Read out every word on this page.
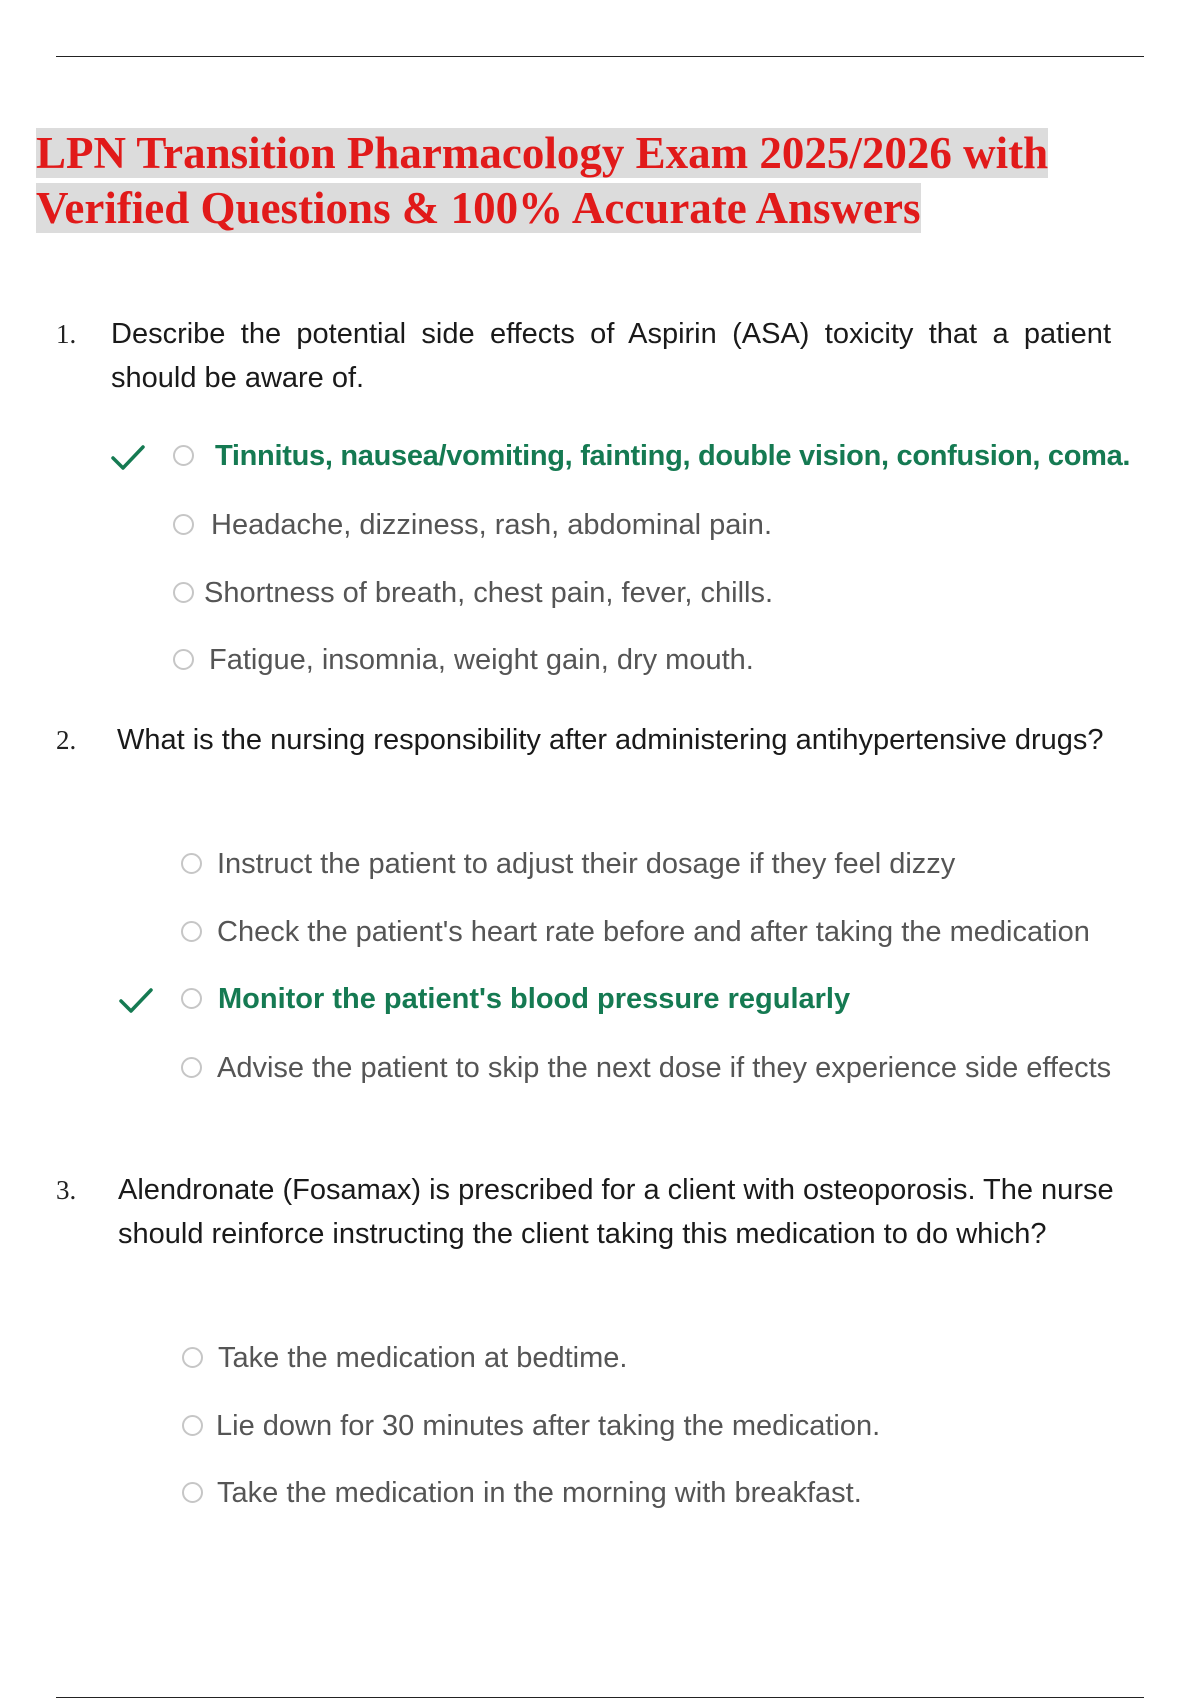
LPN Transition Pharmacology Exam 2025/2026 with
Verified Questions & 100% Accurate Answers
1. Describe the potential side effects of Aspirin (ASA) toxicity that a patient should be aware of.

Tinnitus, nausea/vomiting, fainting, double vision, confusion, coma.
Headache, dizziness, rash, abdominal pain.
Shortness of breath, chest pain, fever, chills.
Fatigue, insomnia, weight gain, dry mouth.
2. What is the nursing responsibility after administering antihypertensive drugs?

Instruct the patient to adjust their dosage if they feel dizzy
Check the patient's heart rate before and after taking the medication
Monitor the patient's blood pressure regularly
Advise the patient to skip the next dose if they experience side effects
3. Alendronate (Fosamax) is prescribed for a client with osteoporosis. The nurse should reinforce instructing the client taking this medication to do which?

Take the medication at bedtime.
Lie down for 30 minutes after taking the medication.
Take the medication in the morning with breakfast.
